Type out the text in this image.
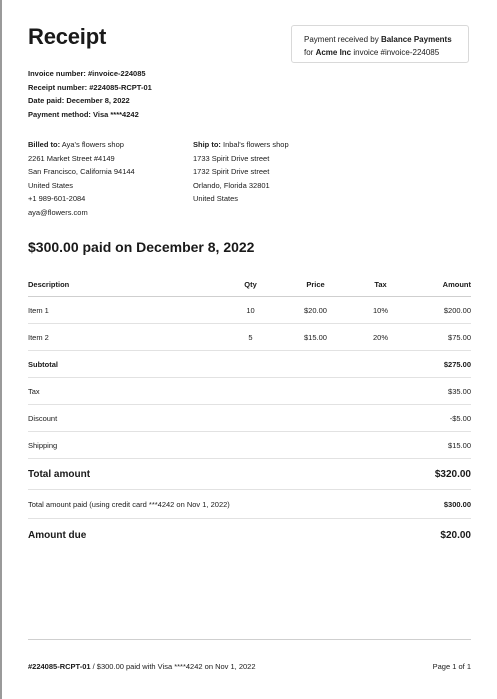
Receipt	Payment received by Balance Payments
for Acme Inc invoice #invoice-224085
Invoice number: #invoice-224085
Receipt number: #224085-RCPT-01
Date paid: December 8, 2022
Payment method: Visa ****4242
Billed to: Aya's flowers shop
2261 Market Street #4149
San Francisco, California 94144
United States
+1 989-601-2084
aya@flowers.com
Ship to: Inbal's flowers shop
1733 Spirit Drive street
1732 Spirit Drive street
Orlando, Florida 32801
United States
$300.00 paid on December 8, 2022
Description	Qty	Price	Tax	Amount
Item 1	10	$20.00	10%	$200.00
Item 2	5	$15.00	20%	$75.00
Subtotal				$275.00
Tax				$35.00
Discount				-$5.00
Shipping				$15.00
Total amount				$320.00
Total amount paid (using credit card ***4242 on Nov 1, 2022)				$300.00
Amount due				$20.00
#224085-RCPT-01 / $300.00 paid with Visa ****4242 on Nov 1, 2022	Page 1 of 1
